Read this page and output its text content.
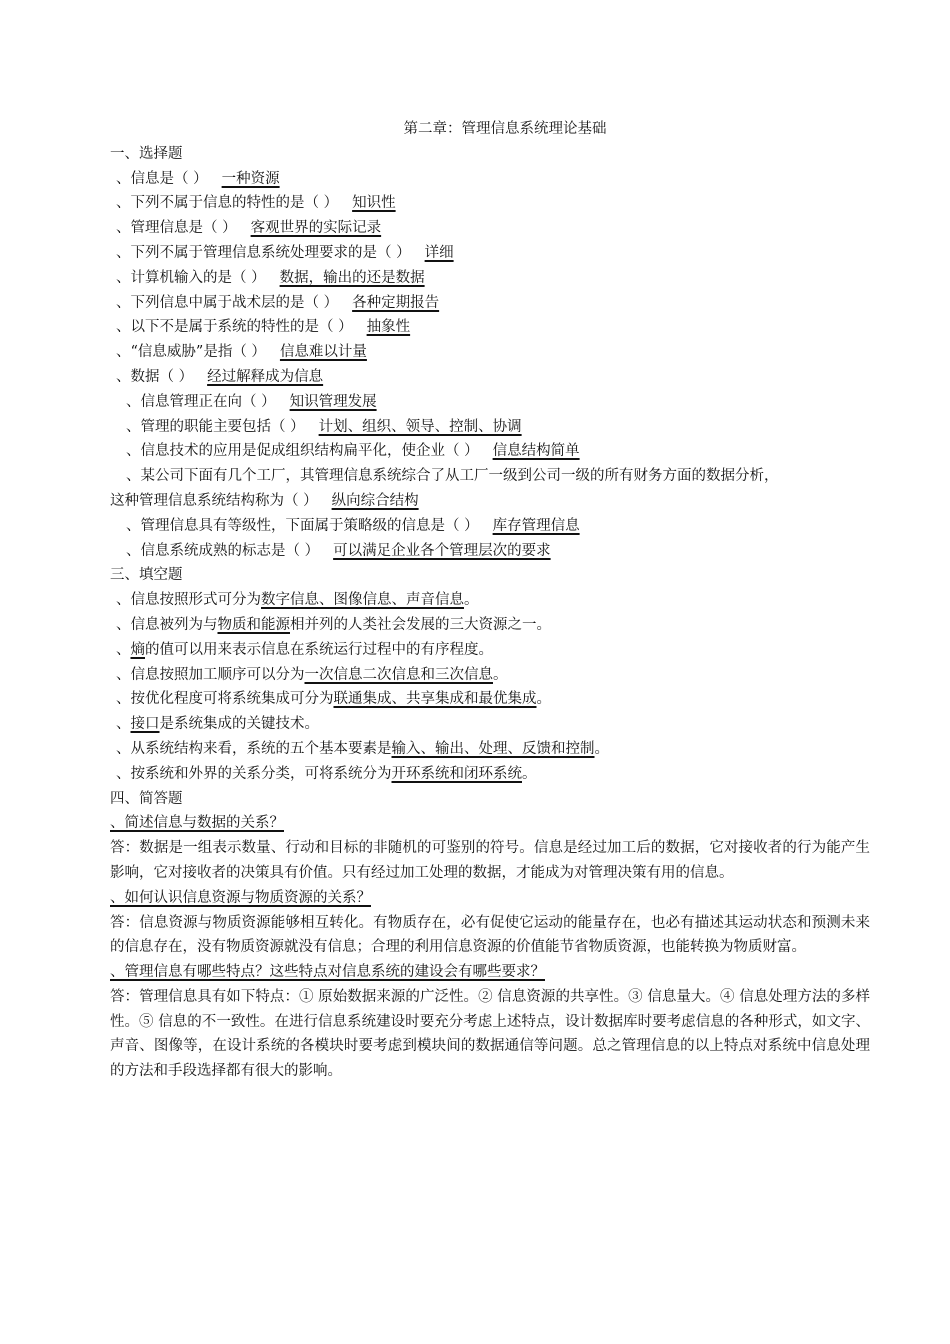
第二章：管理信息系统理论基础
一、选择题
、信息是（ ） 一种资源
、下列不属于信息的特性的是（ ） 知识性
、管理信息是（ ） 客观世界的实际记录
、下列不属于管理信息系统处理要求的是（ ） 详细
、计算机输入的是（ ） 数据，输出的还是数据
、下列信息中属于战术层的是（ ） 各种定期报告
、以下不是属于系统的特性的是（ ） 抽象性
、“信息威胁”是指（ ） 信息难以计量
、数据（ ） 经过解释成为信息
、信息管理正在向（ ） 知识管理发展
、管理的职能主要包括（ ） 计划、组织、领导、控制、协调
、信息技术的应用是促成组织结构扁平化，使企业（ ） 信息结构简单
、某公司下面有几个工厂，其管理信息系统综合了从工厂一级到公司一级的所有财务方面的数据分析，
这种管理信息系统结构称为（ ） 纵向综合结构
、管理信息具有等级性，下面属于策略级的信息是（ ） 库存管理信息
、信息系统成熟的标志是（ ） 可以满足企业各个管理层次的要求
三、填空题
、信息按照形式可分为数字信息、图像信息、声音信息。
、信息被列为与物质和能源相并列的人类社会发展的三大资源之一。
、熵的值可以用来表示信息在系统运行过程中的有序程度。
、信息按照加工顺序可以分为一次信息二次信息和三次信息。
、按优化程度可将系统集成可分为联通集成、共享集成和最优集成。
、接口是系统集成的关键技术。
、从系统结构来看，系统的五个基本要素是输入、输出、处理、反馈和控制。
、按系统和外界的关系分类，可将系统分为开环系统和闭环系统。
四、简答题
、简述信息与数据的关系？
答：数据是一组表示数量、行动和目标的非随机的可鉴别的符号。信息是经过加工后的数据，它对接收者的行为能产生影响，它对接收者的决策具有价值。只有经过加工处理的数据，才能成为对管理决策有用的信息。
、如何认识信息资源与物质资源的关系？
答：信息资源与物质资源能够相互转化。有物质存在，必有促使它运动的能量存在，也必有描述其运动状态和预测未来的信息存在，没有物质资源就没有信息；合理的利用信息资源的价值能节省物质资源，也能转换为物质财富。
、管理信息有哪些特点？这些特点对信息系统的建设会有哪些要求？
答：管理信息具有如下特点：① 原始数据来源的广泛性。② 信息资源的共享性。③ 信息量大。④ 信息处理方法的多样性。⑤ 信息的不一致性。在进行信息系统建设时要充分考虑上述特点，设计数据库时要考虑信息的各种形式，如文字、声音、图像等，在设计系统的各模块时要考虑到模块间的数据通信等问题。总之管理信息的以上特点对系统中信息处理的方法和手段选择都有很大的影响。
